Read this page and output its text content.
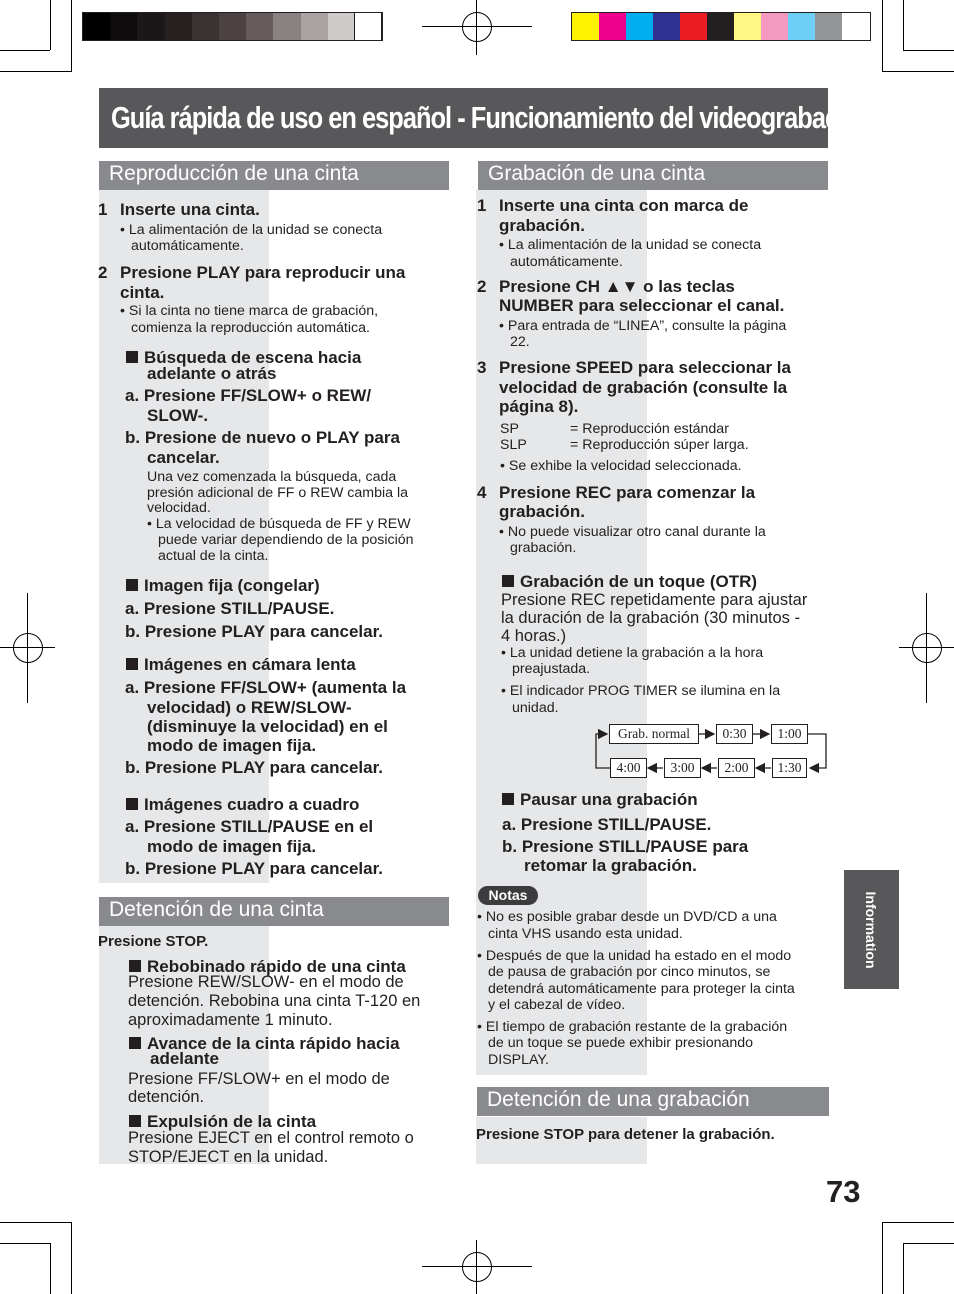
Guía rápida de uso en español - Funcionamiento del videograbador -
Reproducción de una cinta
1 Inserte una cinta.
• La alimentación de la unidad se conecta
automáticamente.
2 Presione PLAY para reproducir una
cinta.
• Si la cinta no tiene marca de grabación,
comienza la reproducción automática.
Búsqueda de escena hacia
adelante o atrás
a. Presione FF/SLOW+ o REW/
SLOW-.
b. Presione de nuevo o PLAY para
cancelar.
Una vez comenzada la búsqueda, cada
presión adicional de FF o REW cambia la
velocidad.
• La velocidad de búsqueda de FF y REW
puede variar dependiendo de la posición
actual de la cinta.
Imagen fija (congelar)
a. Presione STILL/PAUSE.
b. Presione PLAY para cancelar.
Imágenes en cámara lenta
a. Presione FF/SLOW+ (aumenta la
velocidad) o REW/SLOW-
(disminuye la velocidad) en el
modo de imagen fija.
b. Presione PLAY para cancelar.
Imágenes cuadro a cuadro
a. Presione STILL/PAUSE en el
modo de imagen fija.
b. Presione PLAY para cancelar.
Detención de una cinta
Presione STOP.
Rebobinado rápido de una cinta
Presione REW/SLOW- en el modo de
detención. Rebobina una cinta T-120 en
aproximadamente 1 minuto.
Avance de la cinta rápido hacia
adelante
Presione FF/SLOW+ en el modo de
detención.
Expulsión de la cinta
Presione EJECT en el control remoto o
STOP/EJECT en la unidad.
Grabación de una cinta
1 Inserte una cinta con marca de
grabación.
• La alimentación de la unidad se conecta
automáticamente.
2 Presione CH ▲▼ o las teclas
NUMBER para seleccionar el canal.
• Para entrada de “LINEA”, consulte la página
22.
3 Presione SPEED para seleccionar la
velocidad de grabación (consulte la
página 8).
SP	= Reproducción estándar
SLP	= Reproducción súper larga.
• Se exhibe la velocidad seleccionada.
4 Presione REC para comenzar la
grabación.
• No puede visualizar otro canal durante la
grabación.
Grabación de un toque (OTR)
Presione REC repetidamente para ajustar
la duración de la grabación (30 minutos -
4 horas.)
• La unidad detiene la grabación a la hora
preajustada.
• El indicador PROG TIMER se ilumina en la
unidad.
Grab. normal	0:30	1:00
1:30
2:00
3:00
4:00
Pausar una grabación
a. Presione STILL/PAUSE.
b. Presione STILL/PAUSE para
retomar la grabación.
Notas
• No es posible grabar desde un DVD/CD a una
cinta VHS usando esta unidad.
• Después de que la unidad ha estado en el modo
de pausa de grabación por cinco minutos, se
detendrá automáticamente para proteger la cinta
y el cabezal de vídeo.
• El tiempo de grabación restante de la grabación
de un toque se puede exhibir presionando
DISPLAY.
Detención de una grabación
Presione STOP para detener la grabación.
Information
73
